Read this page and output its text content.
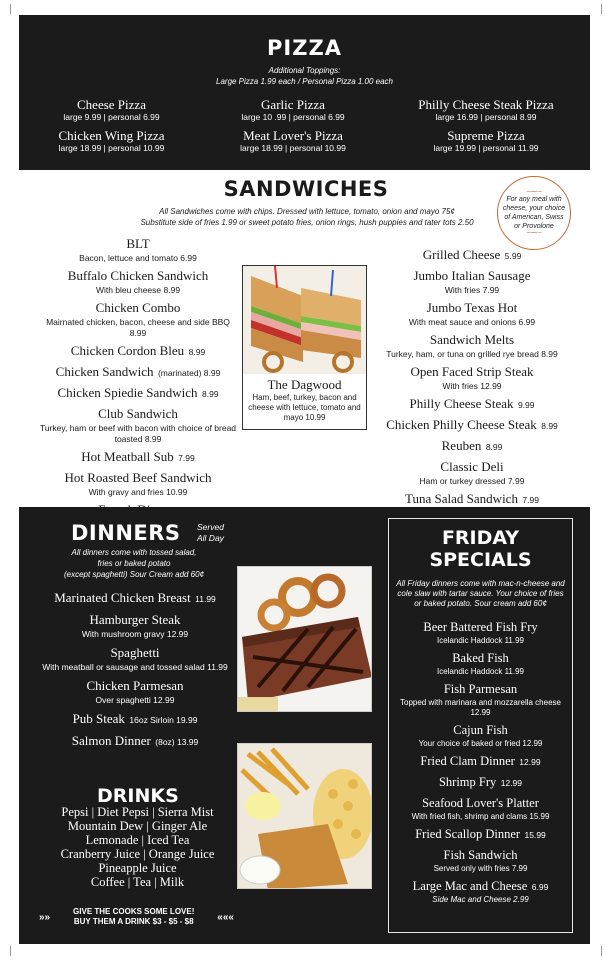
PIZZA
Additional Toppings:
Large Pizza 1.99 each / Personal Pizza 1.00 each
Cheese Pizza
large 9.99 | personal 6.99
Garlic Pizza
large 10 .99 | personal 6.99
Philly Cheese Steak Pizza
large 16.99 | personal 8.99
Chicken Wing Pizza
large 18.99 | personal 10.99
Meat Lover's Pizza
large 18.99 | personal 10.99
Supreme Pizza
large 19.99 | personal 11.99
SANDWICHES
All Sandwiches come with chips. Dressed with lettuce, tomato, onion and mayo 75¢
Substitute side of fries 1.99 or sweet potato fries, onion rings, hush puppies and tater tots 2.50
~⁓~
For any meal with
cheese, your choice
of American, Swiss
or Provolone
~⁓~
BLT
Bacon, lettuce and tomato 6.99
Buffalo Chicken Sandwich
With bleu cheese 8.99
Chicken Combo
Mairnated chicken, bacon, cheese and side BBQ 8.99
Chicken Cordon Bleu 8.99
Chicken Sandwich (marinated) 8.99
Chicken Spiedie Sandwich 8.99
Club Sandwich
Turkey, ham or beef with bacon with choice of bread toasted 8.99
Hot Meatball Sub 7.99
Hot Roasted Beef Sandwich
With gravy and fries 10.99
The Dagwood
Ham, beef, turkey, bacon and cheese with lettuce, tomato and mayo 10.99
Grilled Cheese 5.99
Jumbo Italian Sausage
With fries 7.99
Jumbo Texas Hot
With meat sauce and onions 6.99
Sandwich Melts
Turkey, ham, or tuna on grilled rye bread 8.99
Open Faced Strip Steak
With fries 12.99
Philly Cheese Steak 9.99
Chicken Philly Cheese Steak 8.99
Reuben 8.99
Classic Deli
Ham or turkey dressed 7.99
Tuna Salad Sandwich 7.99
DINNERS Served
All Day
All dinners come with tossed salad,
fries or baked potato
(except spaghetti) Sour Cream add 60¢
Marinated Chicken Breast 11.99
Hamburger Steak
With mushroom gravy 12.99
Spaghetti
With meatball or sausage and tossed salad 11.99
Chicken Parmesan
Over spaghetti 12.99
Pub Steak 16oz Sirloin 19.99
Salmon Dinner (8oz) 13.99
DRINKS
Pepsi | Diet Pepsi | Sierra Mist
Mountain Dew | Ginger Ale
Lemonade | Iced Tea
Cranberry Juice | Orange Juice
Pineapple Juice
Coffee | Tea | Milk
»»	GIVE THE COOKS SOME LOVE!
BUY THEM A DRINK $3 - $5 - $8 «««
FRIDAY
SPECIALS
All Friday dinners come with mac-n-cheese and cole slaw with tartar sauce. Your choice of fries or baked potato. Sour cream add 60¢
Beer Battered Fish Fry
Icelandic Haddock 11.99
Baked Fish
Icelandic Haddock 11.99
Fish Parmesan
Topped with marinara and mozzarella cheese 12.99
Cajun Fish
Your choice of baked or fried 12.99
Fried Clam Dinner 12.99
Shrimp Fry 12.99
Seafood Lover's Platter
With fried fish, shrimp and clams 15.99
Fried Scallop Dinner 15.99
Fish Sandwich
Served only with fries 7.99
Large Mac and Cheese 6.99
Side Mac and Cheese 2.99
